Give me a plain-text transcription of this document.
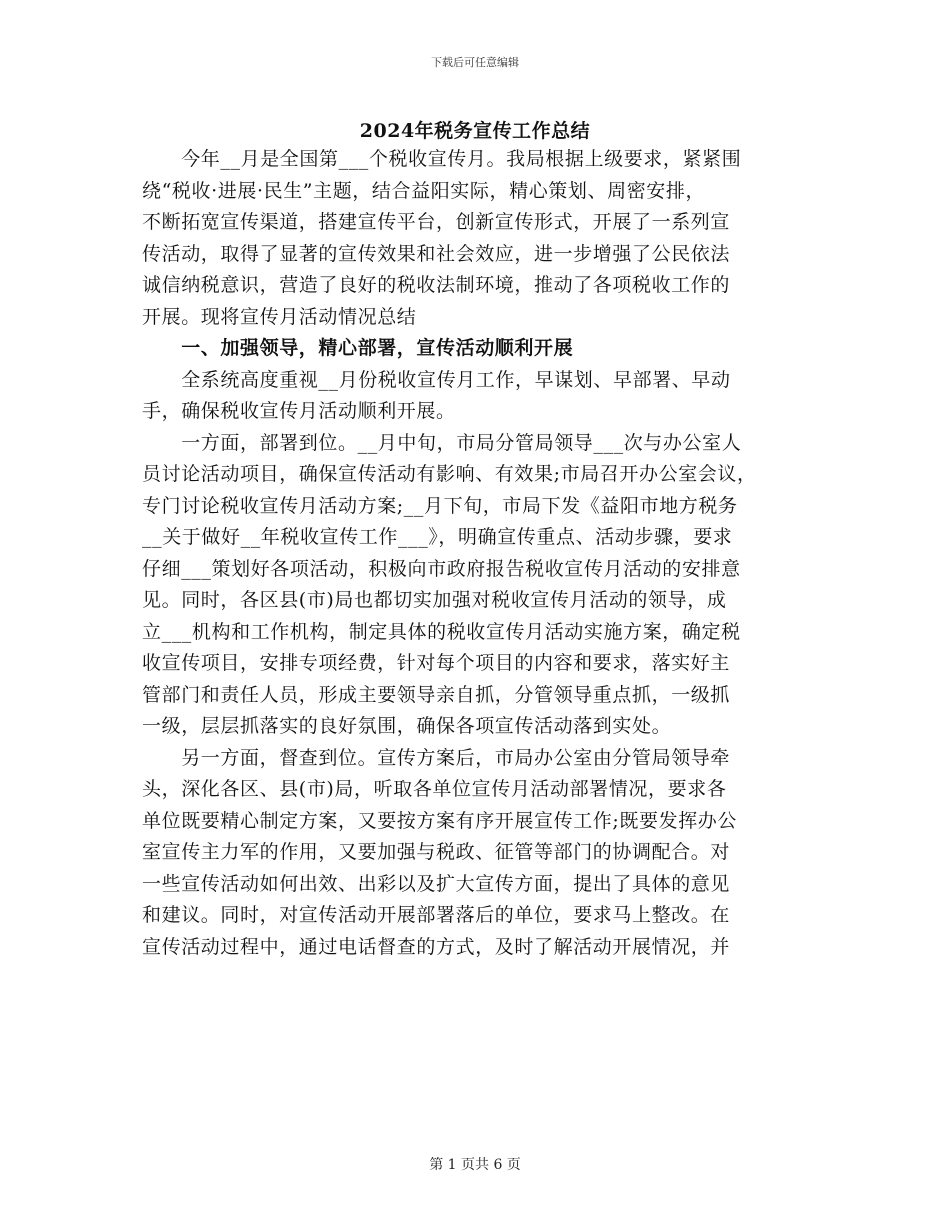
下载后可任意编辑
2024年税务宣传工作总结
　　今年__月是全国第___个税收宣传月。我局根据上级要求，紧紧围
绕“税收·进展·民生”主题，结合益阳实际，精心策划、周密安排，
不断拓宽宣传渠道，搭建宣传平台，创新宣传形式，开展了一系列宣
传活动，取得了显著的宣传效果和社会效应，进一步增强了公民依法
诚信纳税意识，营造了良好的税收法制环境，推动了各项税收工作的
开展。现将宣传月活动情况总结
　　一、加强领导，精心部署，宣传活动顺利开展
　　全系统高度重视__月份税收宣传月工作，早谋划、早部署、早动
手，确保税收宣传月活动顺利开展。
　　一方面，部署到位。__月中旬，市局分管局领导___次与办公室人
员讨论活动项目，确保宣传活动有影响、有效果;市局召开办公室会议，
专门讨论税收宣传月活动方案;__月下旬，市局下发《益阳市地方税务
__关于做好__年税收宣传工作___》，明确宣传重点、活动步骤，要求
仔细___策划好各项活动，积极向市政府报告税收宣传月活动的安排意
见。同时，各区县(市)局也都切实加强对税收宣传月活动的领导，成
立___机构和工作机构，制定具体的税收宣传月活动实施方案，确定税
收宣传项目，安排专项经费，针对每个项目的内容和要求，落实好主
管部门和责任人员，形成主要领导亲自抓，分管领导重点抓，一级抓
一级，层层抓落实的良好氛围，确保各项宣传活动落到实处。
　　另一方面，督查到位。宣传方案后，市局办公室由分管局领导牵
头，深化各区、县(市)局，听取各单位宣传月活动部署情况，要求各
单位既要精心制定方案，又要按方案有序开展宣传工作;既要发挥办公
室宣传主力军的作用，又要加强与税政、征管等部门的协调配合。对
一些宣传活动如何出效、出彩以及扩大宣传方面，提出了具体的意见
和建议。同时，对宣传活动开展部署落后的单位，要求马上整改。在
宣传活动过程中，通过电话督查的方式，及时了解活动开展情况，并
第 1 页共 6 页
